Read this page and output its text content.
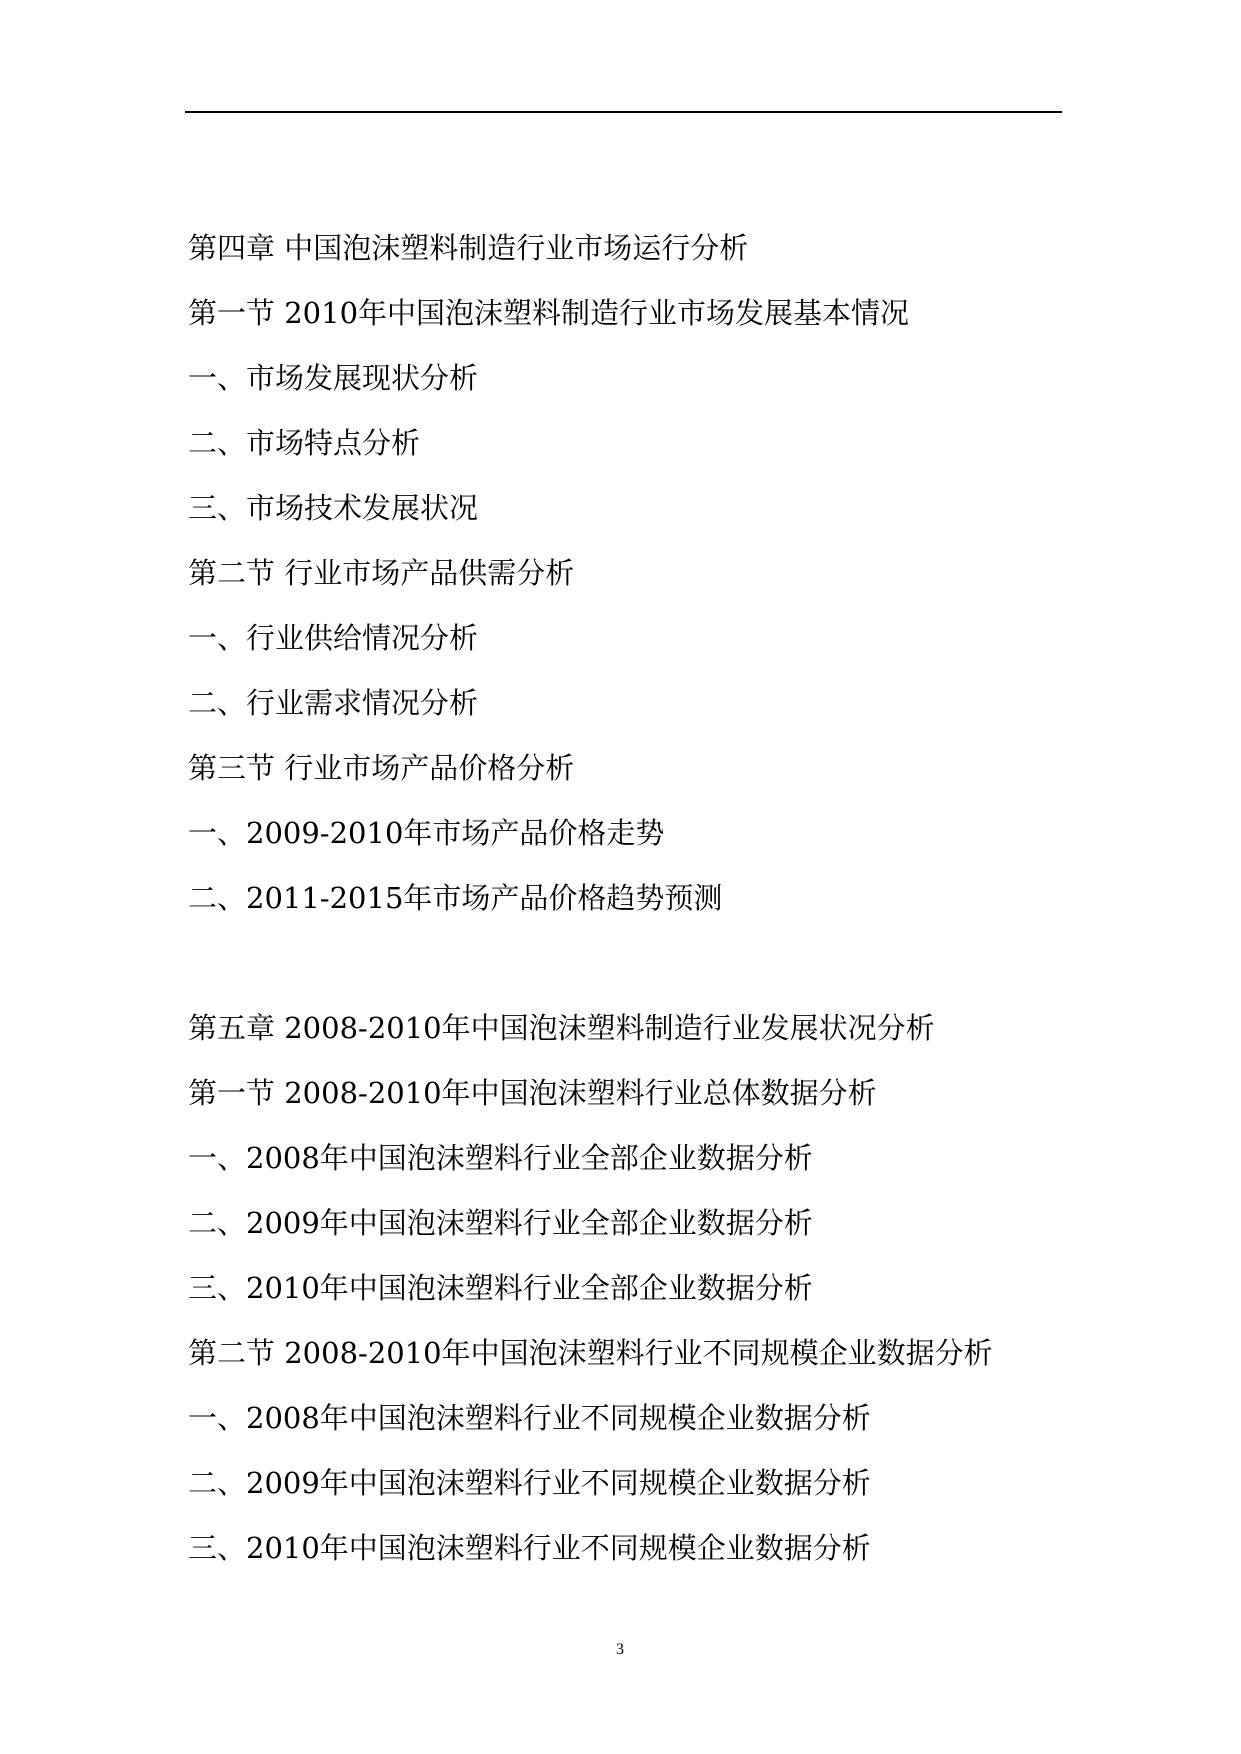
第四章 中国泡沫塑料制造行业市场运行分析
第一节 2010年中国泡沫塑料制造行业市场发展基本情况
一、市场发展现状分析
二、市场特点分析
三、市场技术发展状况
第二节 行业市场产品供需分析
一、行业供给情况分析
二、行业需求情况分析
第三节 行业市场产品价格分析
一、2009-2010年市场产品价格走势
二、2011-2015年市场产品价格趋势预测
第五章 2008-2010年中国泡沫塑料制造行业发展状况分析
第一节 2008-2010年中国泡沫塑料行业总体数据分析
一、2008年中国泡沫塑料行业全部企业数据分析
二、2009年中国泡沫塑料行业全部企业数据分析
三、2010年中国泡沫塑料行业全部企业数据分析
第二节 2008-2010年中国泡沫塑料行业不同规模企业数据分析
一、2008年中国泡沫塑料行业不同规模企业数据分析
二、2009年中国泡沫塑料行业不同规模企业数据分析
三、2010年中国泡沫塑料行业不同规模企业数据分析
3
